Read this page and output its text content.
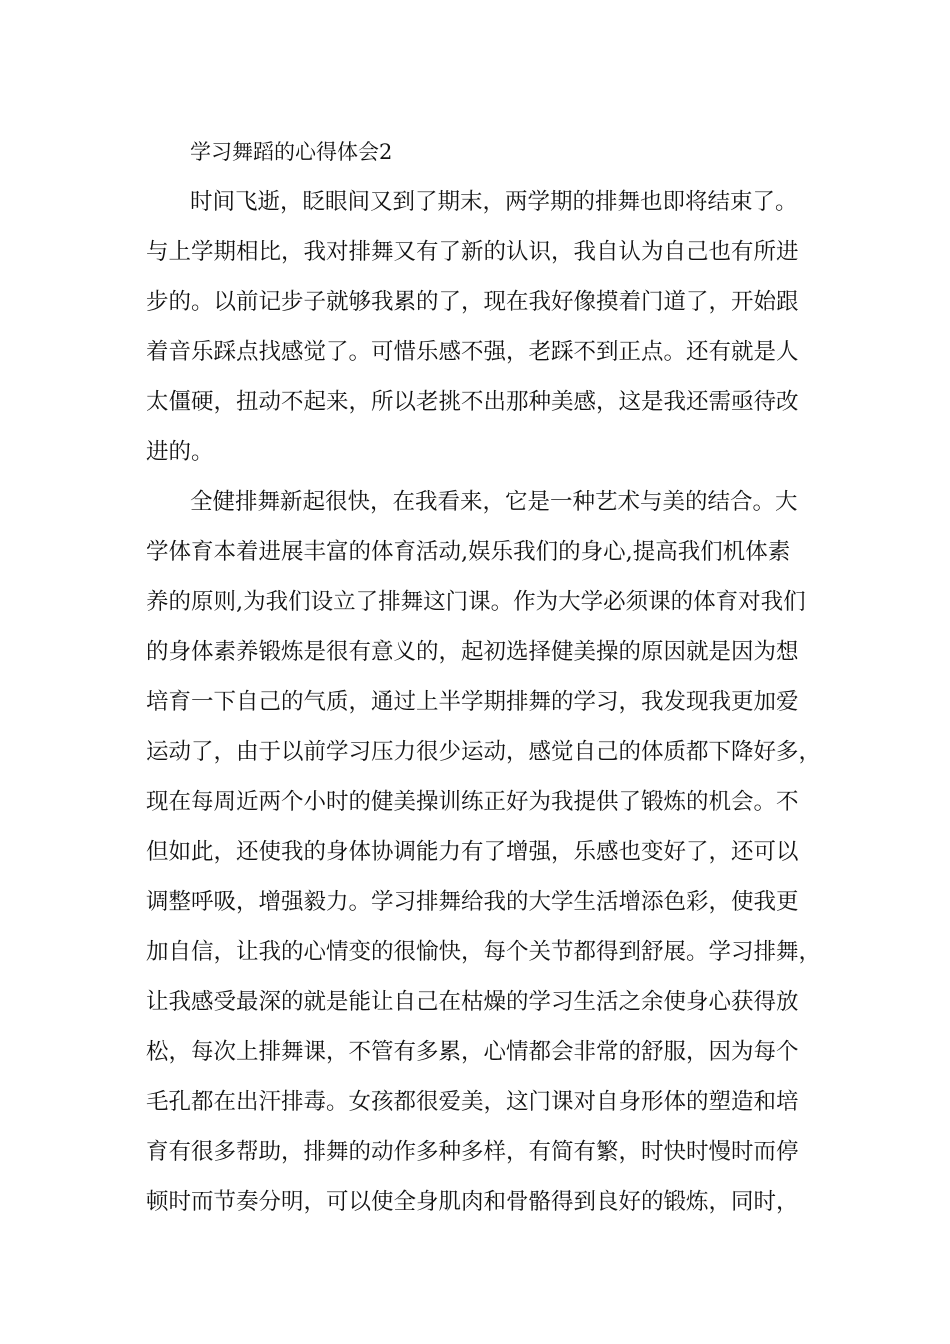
学习舞蹈的心得体会2
时间飞逝，眨眼间又到了期末，两学期的排舞也即将结束了。
与上学期相比，我对排舞又有了新的认识，我自认为自己也有所进
步的。以前记步子就够我累的了，现在我好像摸着门道了，开始跟
着音乐踩点找感觉了。可惜乐感不强，老踩不到正点。还有就是人
太僵硬，扭动不起来，所以老挑不出那种美感，这是我还需亟待改
进的。
全健排舞新起很快，在我看来，它是一种艺术与美的结合。大
学体育本着进展丰富的体育活动,娱乐我们的身心,提高我们机体素
养的原则,为我们设立了排舞这门课。作为大学必须课的体育对我们
的身体素养锻炼是很有意义的，起初选择健美操的原因就是因为想
培育一下自己的气质，通过上半学期排舞的学习，我发现我更加爱
运动了，由于以前学习压力很少运动，感觉自己的体质都下降好多，
现在每周近两个小时的健美操训练正好为我提供了锻炼的机会。不
但如此，还使我的身体协调能力有了增强，乐感也变好了，还可以
调整呼吸，增强毅力。学习排舞给我的大学生活增添色彩，使我更
加自信，让我的心情变的很愉快，每个关节都得到舒展。学习排舞，
让我感受最深的就是能让自己在枯燥的学习生活之余使身心获得放
松，每次上排舞课，不管有多累，心情都会非常的舒服，因为每个
毛孔都在出汗排毒。女孩都很爱美，这门课对自身形体的塑造和培
育有很多帮助，排舞的动作多种多样，有简有繁，时快时慢时而停
顿时而节奏分明，可以使全身肌肉和骨骼得到良好的锻炼，同时，
